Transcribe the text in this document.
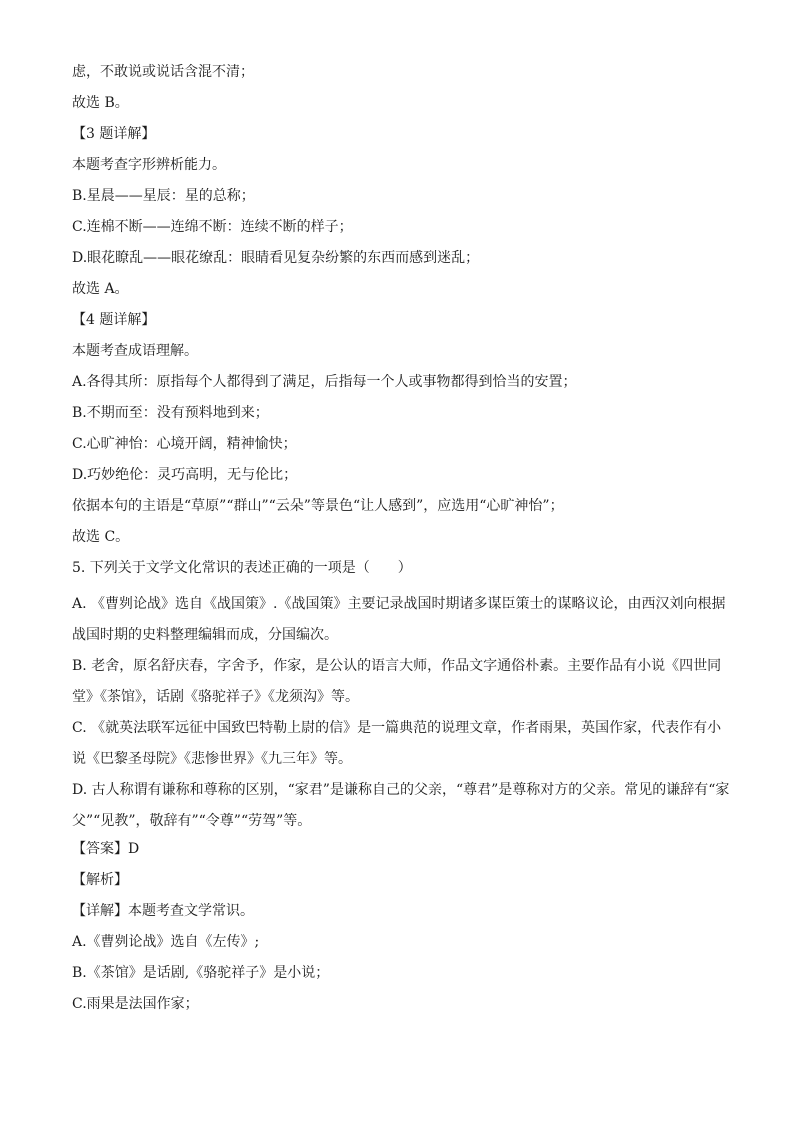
虑，不敢说或说话含混不清；
故选 B。
【3 题详解】
本题考查字形辨析能力。
B.星晨——星辰：星的总称；
C.连棉不断——连绵不断：连续不断的样子；
D.眼花瞭乱——眼花缭乱：眼睛看见复杂纷繁的东西而感到迷乱；
故选 A。
【4 题详解】
本题考查成语理解。
A.各得其所：原指每个人都得到了满足，后指每一个人或事物都得到恰当的安置；
B.不期而至：没有预料地到来；
C.心旷神怡：心境开阔，精神愉快；
D.巧妙绝伦：灵巧高明，无与伦比；
依据本句的主语是“草原”“群山”“云朵”等景色“让人感到”，应选用“心旷神怡”；
故选 C。
5. 下列关于文学文化常识的表述正确的一项是（　　）
A. 《曹刿论战》选自《战国策》.《战国策》主要记录战国时期诸多谋臣策士的谋略议论，由西汉刘向根据战国时期的史料整理编辑而成，分国编次。
B. 老舍，原名舒庆春，字舍予，作家，是公认的语言大师，作品文字通俗朴素。主要作品有小说《四世同堂》《茶馆》，话剧《骆驼祥子》《龙须沟》等。
C. 《就英法联军远征中国致巴特勒上尉的信》是一篇典范的说理文章，作者雨果，英国作家，代表作有小说《巴黎圣母院》《悲惨世界》《九三年》等。
D. 古人称谓有谦称和尊称的区别，“家君”是谦称自己的父亲，“尊君”是尊称对方的父亲。常见的谦辞有“家父”“见教”，敬辞有”“令尊”“劳驾”等。
【答案】D
【解析】
【详解】本题考查文学常识。
A.《曹刿论战》选自《左传》;
B.《茶馆》是话剧,《骆驼祥子》是小说；
C.雨果是法国作家；
